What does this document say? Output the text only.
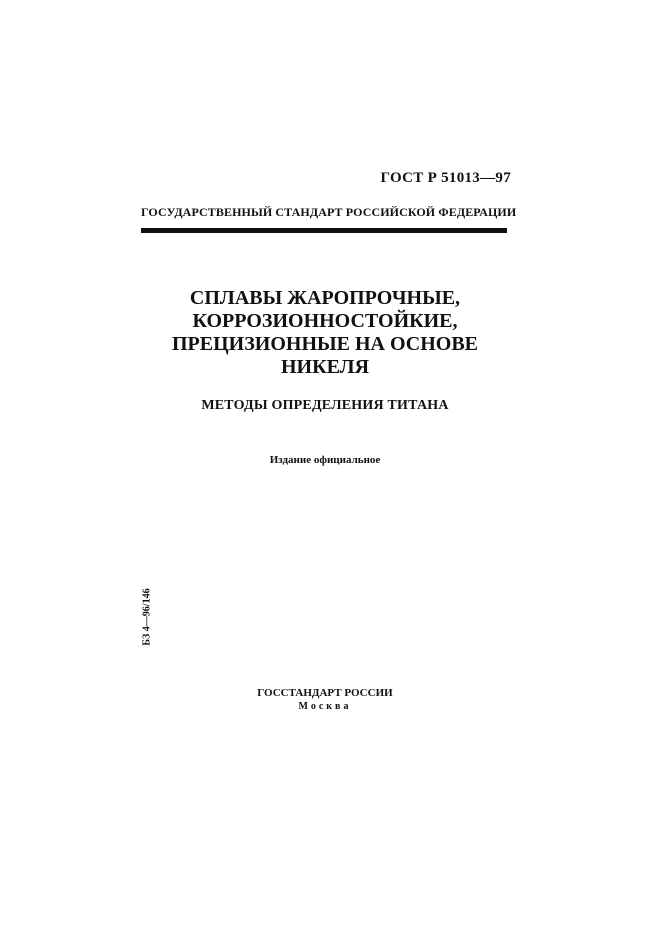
ГОСТ Р 51013—97
ГОСУДАРСТВЕННЫЙ СТАНДАРТ РОССИЙСКОЙ ФЕДЕРАЦИИ
СПЛАВЫ ЖАРОПРОЧНЫЕ,
КОРРОЗИОННОСТОЙКИЕ,
ПРЕЦИЗИОННЫЕ НА ОСНОВЕ
НИКЕЛЯ
МЕТОДЫ ОПРЕДЕЛЕНИЯ ТИТАНА
Издание официальное
БЗ 4—96/146
ГОССТАНДАРТ РОССИИ
Москва
